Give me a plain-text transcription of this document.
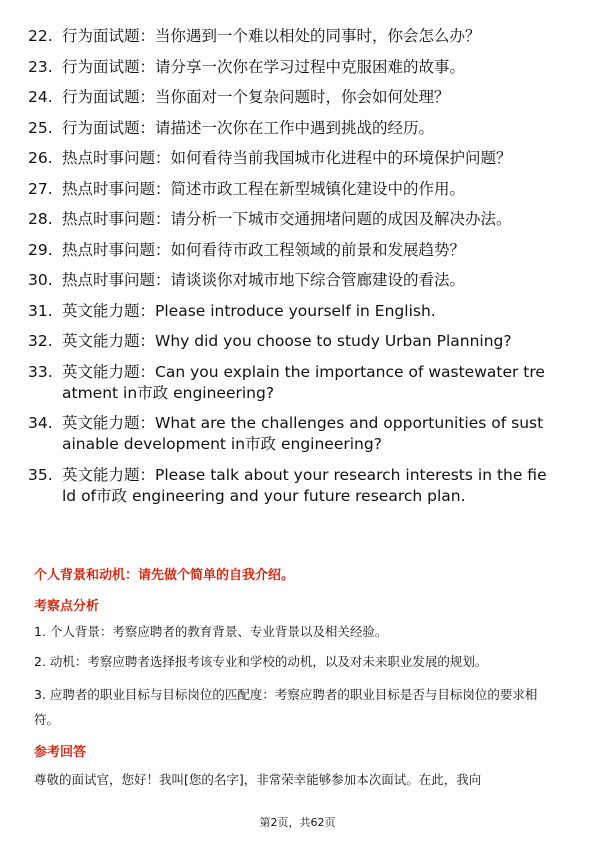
22. 行为面试题：当你遇到一个难以相处的同事时，你会怎么办？
23. 行为面试题：请分享一次你在学习过程中克服困难的故事。
24. 行为面试题：当你面对一个复杂问题时，你会如何处理？
25. 行为面试题：请描述一次你在工作中遇到挑战的经历。
26. 热点时事问题：如何看待当前我国城市化进程中的环境保护问题？
27. 热点时事问题：简述市政工程在新型城镇化建设中的作用。
28. 热点时事问题：请分析一下城市交通拥堵问题的成因及解决办法。
29. 热点时事问题：如何看待市政工程领域的前景和发展趋势？
30. 热点时事问题：请谈谈你对城市地下综合管廊建设的看法。
31. 英文能力题：Please introduce yourself in English.
32. 英文能力题：Why did you choose to study Urban Planning?
33. 英文能力题：Can you explain the importance of wastewater treatment in市政 engineering?
34. 英文能力题：What are the challenges and opportunities of sustainable development in市政 engineering?
35. 英文能力题：Please talk about your research interests in the field of市政 engineering and your future research plan.
个人背景和动机：请先做个简单的自我介绍。
考察点分析
1. 个人背景：考察应聘者的教育背景、专业背景以及相关经验。
2. 动机：考察应聘者选择报考该专业和学校的动机，以及对未来职业发展的规划。
3. 应聘者的职业目标与目标岗位的匹配度：考察应聘者的职业目标是否与目标岗位的要求相符。
参考回答
尊敬的面试官，您好！我叫[您的名字]，非常荣幸能够参加本次面试。在此，我向
第2页，共62页
